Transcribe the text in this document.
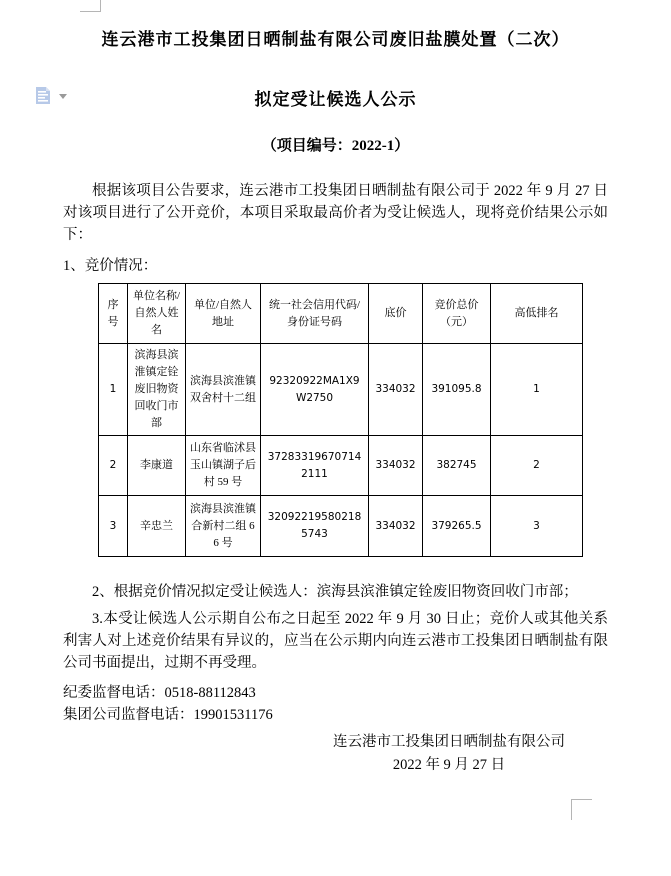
连云港市工投集团日晒制盐有限公司废旧盐膜处置（二次）
拟定受让候选人公示
（项目编号：2022-1）

根据该项目公告要求，连云港市工投集团日晒制盐有限公司于 2022 年 9 月 27 日对该项目进行了公开竞价，本项目采取最高价者为受让候选人，现将竞价结果公示如下：

1、竞价情况：

序号	单位名称/自然人姓名	单位/自然人地址	统一社会信用代码/身份证号码	底价	竞价总价（元）	高低排名
1	滨海县滨淮镇定铨废旧物资回收门市部	滨海县滨淮镇双舍村十二组	92320922MA1X9W2750	334032	391095.8	1
2	李康道	山东省临沭县玉山镇湖子后村 59 号	372833196707142111	334032	382745	2
3	辛忠兰	滨海县滨淮镇合新村二组 66 号	320922195802185743	334032	379265.5	3

2、根据竞价情况拟定受让候选人：滨海县滨淮镇定铨废旧物资回收门市部；

3.本受让候选人公示期自公布之日起至 2022 年 9 月 30 日止；竞价人或其他关系利害人对上述竞价结果有异议的，应当在公示期内向连云港市工投集团日晒制盐有限公司书面提出，过期不再受理。

纪委监督电话：0518-88112843
集团公司监督电话：19901531176
连云港市工投集团日晒制盐有限公司
2022 年 9 月 27 日
